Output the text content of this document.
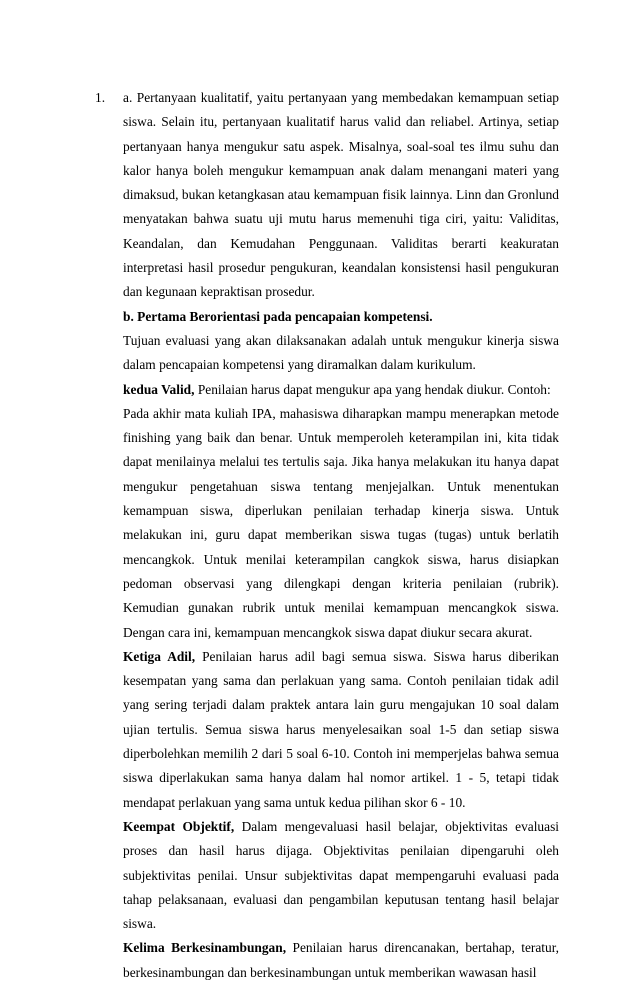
1. a. Pertanyaan kualitatif, yaitu pertanyaan yang membedakan kemampuan setiap siswa. Selain itu, pertanyaan kualitatif harus valid dan reliabel. Artinya, setiap pertanyaan hanya mengukur satu aspek. Misalnya, soal-soal tes ilmu suhu dan kalor hanya boleh mengukur kemampuan anak dalam menangani materi yang dimaksud, bukan ketangkasan atau kemampuan fisik lainnya. Linn dan Gronlund menyatakan bahwa suatu uji mutu harus memenuhi tiga ciri, yaitu: Validitas, Keandalan, dan Kemudahan Penggunaan. Validitas berarti keakuratan interpretasi hasil prosedur pengukuran, keandalan konsistensi hasil pengukuran dan kegunaan kepraktisan prosedur.

b. Pertama Berorientasi pada pencapaian kompetensi.

Tujuan evaluasi yang akan dilaksanakan adalah untuk mengukur kinerja siswa dalam pencapaian kompetensi yang diramalkan dalam kurikulum.

kedua Valid, Penilaian harus dapat mengukur apa yang hendak diukur. Contoh:

Pada akhir mata kuliah IPA, mahasiswa diharapkan mampu menerapkan metode finishing yang baik dan benar. Untuk memperoleh keterampilan ini, kita tidak dapat menilainya melalui tes tertulis saja. Jika hanya melakukan itu hanya dapat mengukur pengetahuan siswa tentang menjejalkan. Untuk menentukan kemampuan siswa, diperlukan penilaian terhadap kinerja siswa. Untuk melakukan ini, guru dapat memberikan siswa tugas (tugas) untuk berlatih mencangkok. Untuk menilai keterampilan cangkok siswa, harus disiapkan pedoman observasi yang dilengkapi dengan kriteria penilaian (rubrik). Kemudian gunakan rubrik untuk menilai kemampuan mencangkok siswa. Dengan cara ini, kemampuan mencangkok siswa dapat diukur secara akurat.

Ketiga Adil, Penilaian harus adil bagi semua siswa. Siswa harus diberikan kesempatan yang sama dan perlakuan yang sama. Contoh penilaian tidak adil yang sering terjadi dalam praktek antara lain guru mengajukan 10 soal dalam ujian tertulis. Semua siswa harus menyelesaikan soal 1-5 dan setiap siswa diperbolehkan memilih 2 dari 5 soal 6-10. Contoh ini memperjelas bahwa semua siswa diperlakukan sama hanya dalam hal nomor artikel. 1 - 5, tetapi tidak mendapat perlakuan yang sama untuk kedua pilihan skor 6 - 10.

Keempat Objektif, Dalam mengevaluasi hasil belajar, objektivitas evaluasi proses dan hasil harus dijaga. Objektivitas penilaian dipengaruhi oleh subjektivitas penilai. Unsur subjektivitas dapat mempengaruhi evaluasi pada tahap pelaksanaan, evaluasi dan pengambilan keputusan tentang hasil belajar siswa.

Kelima Berkesinambungan, Penilaian harus direncanakan, bertahap, teratur, berkesinambungan dan berkesinambungan untuk memberikan wawasan hasil
